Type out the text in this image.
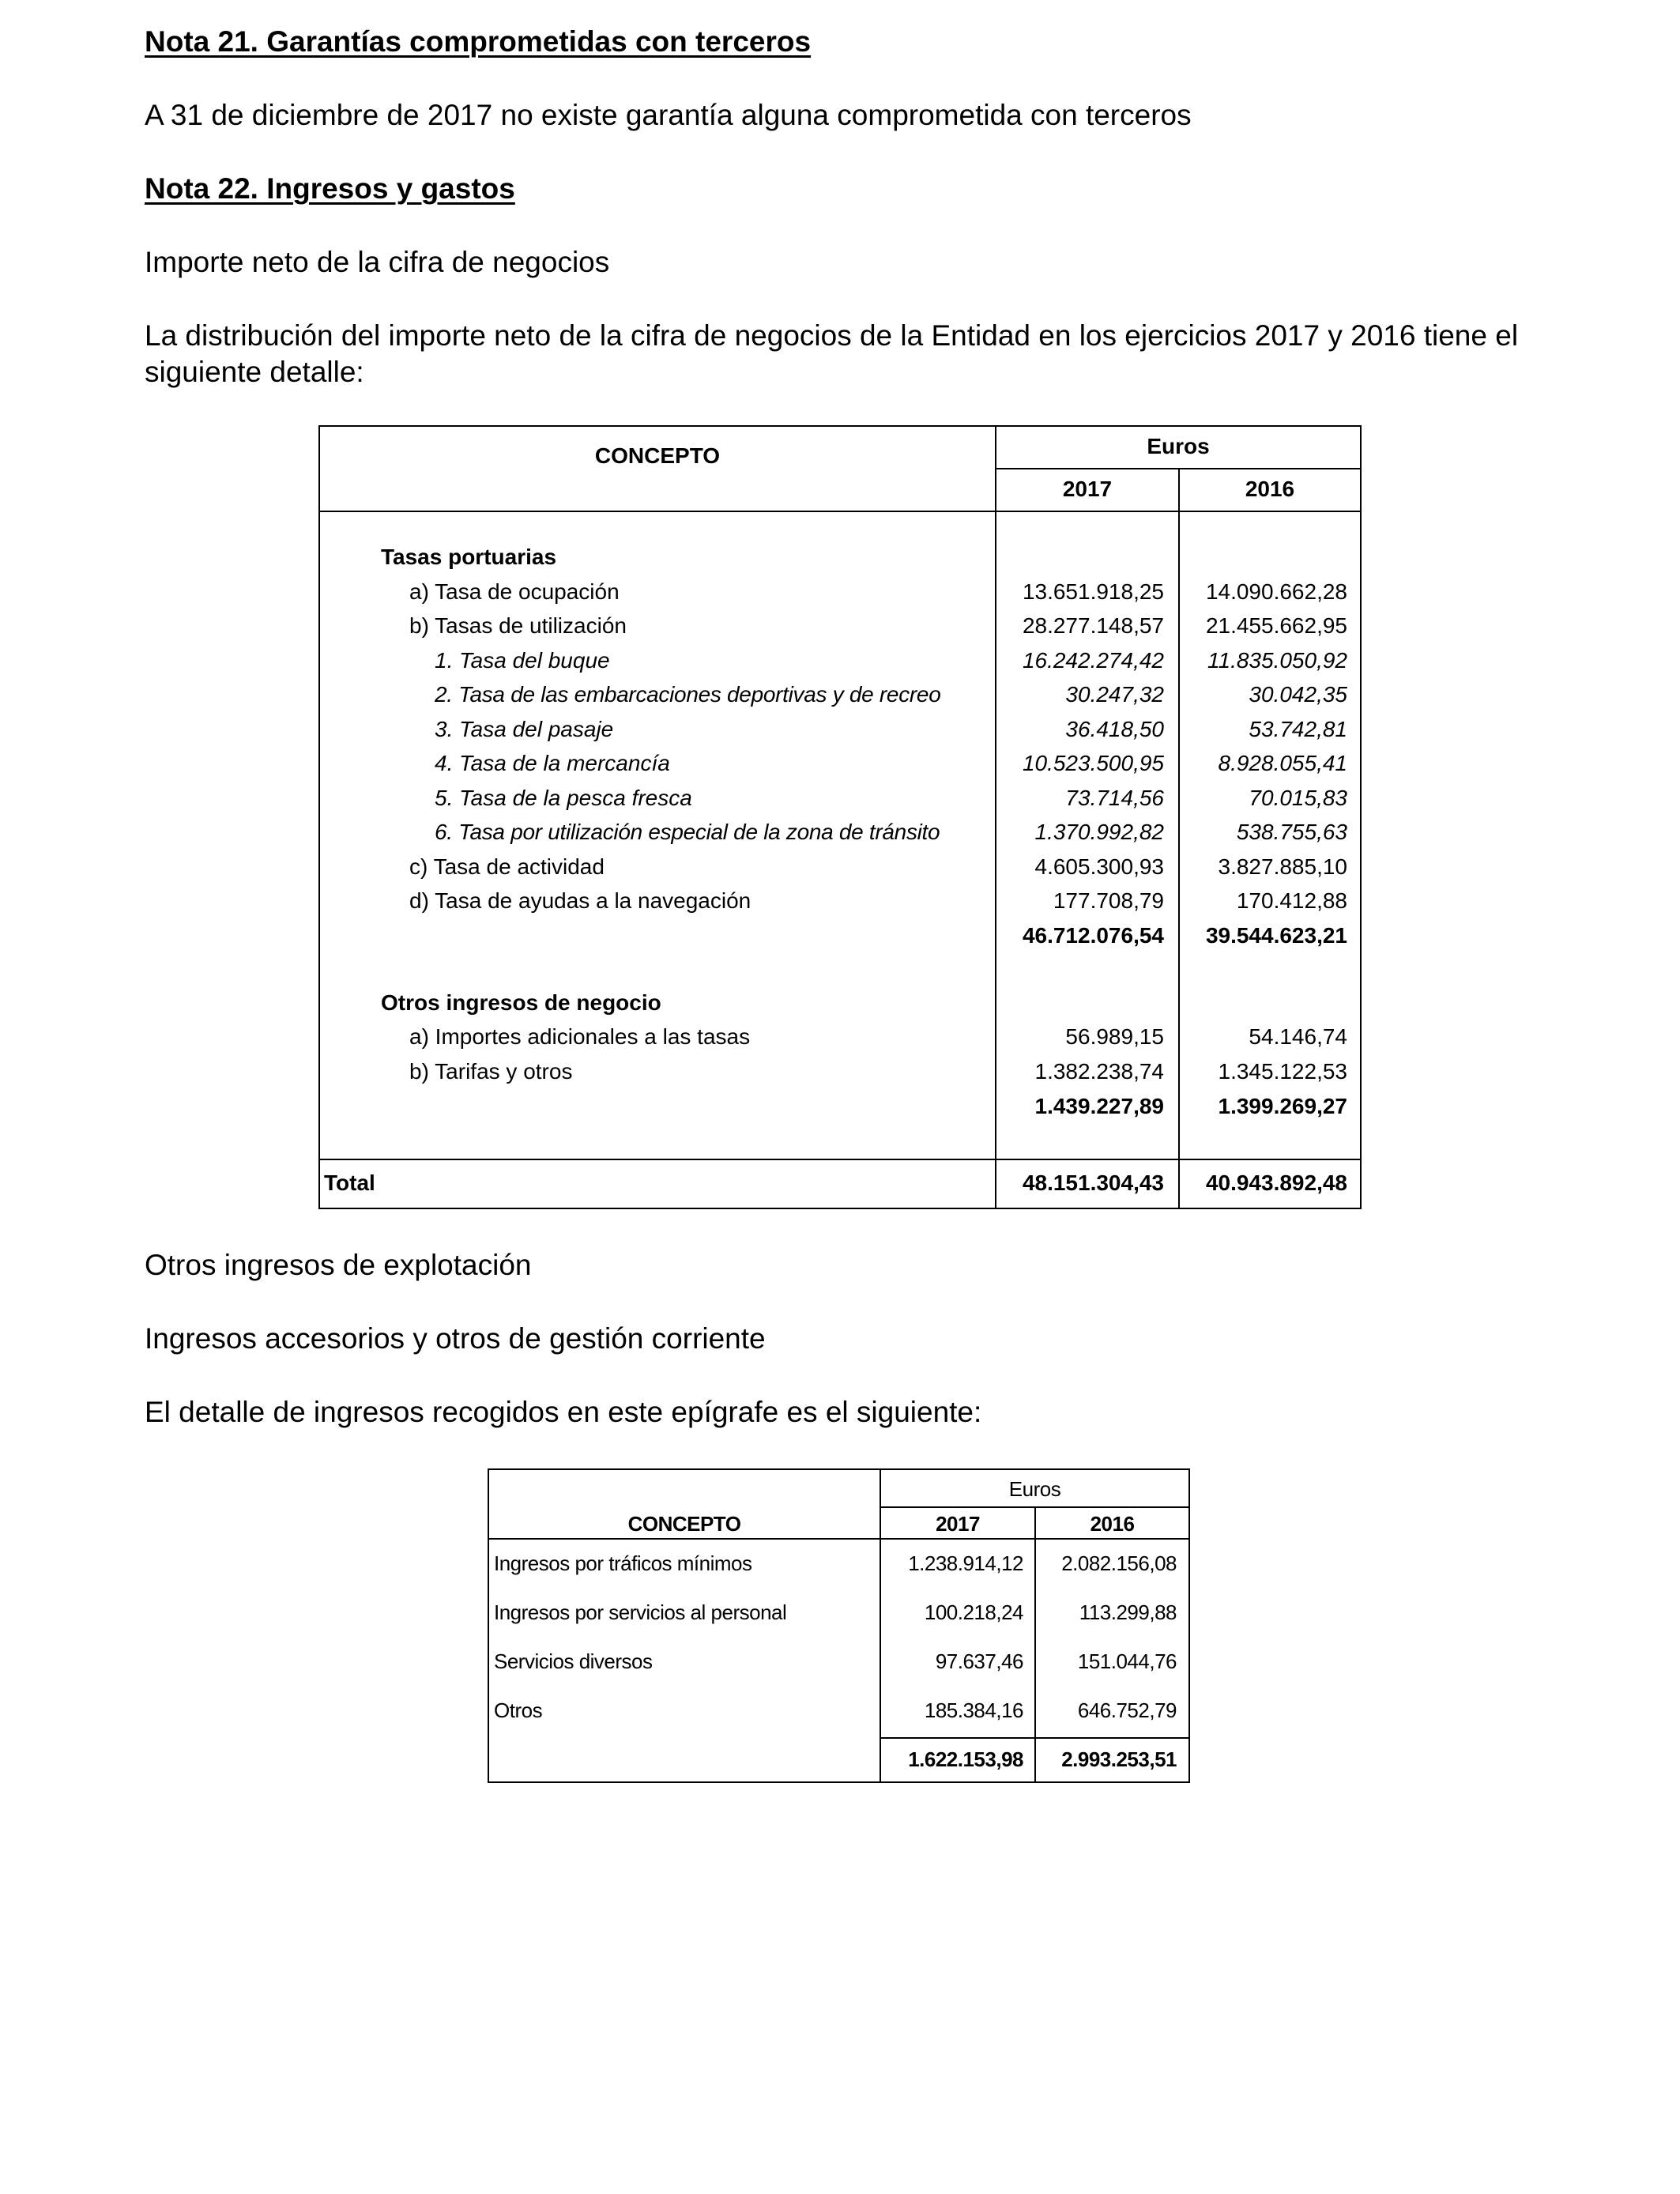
Nota 21. Garantías comprometidas con terceros
A 31 de diciembre de 2017 no existe garantía alguna comprometida con terceros
Nota 22. Ingresos y gastos
Importe neto de la cifra de negocios
La distribución del importe neto de la cifra de negocios de la Entidad en los ejercicios 2017 y 2016 tiene el siguiente detalle:
CONCEPTO	Euros
2017	2016
Tasas portuarias
a) Tasa de ocupación	13.651.918,25	14.090.662,28
b) Tasas de utilización	28.277.148,57	21.455.662,95
1. Tasa del buque	16.242.274,42	11.835.050,92
2. Tasa de las embarcaciones deportivas y de recreo	30.247,32	30.042,35
3. Tasa del pasaje	36.418,50	53.742,81
4. Tasa de la mercancía	10.523.500,95	8.928.055,41
5. Tasa de la pesca fresca	73.714,56	70.015,83
6. Tasa por utilización especial de la zona de tránsito	1.370.992,82	538.755,63
c) Tasa de actividad	4.605.300,93	3.827.885,10
d) Tasa de ayudas a la navegación	177.708,79	170.412,88
46.712.076,54	39.544.623,21
Otros ingresos de negocio
a) Importes adicionales a las tasas	56.989,15	54.146,74
b) Tarifas y otros	1.382.238,74	1.345.122,53
1.439.227,89	1.399.269,27
Total	48.151.304,43	40.943.892,48
Otros ingresos de explotación
Ingresos accesorios y otros de gestión corriente
El detalle de ingresos recogidos en este epígrafe es el siguiente:
Euros
CONCEPTO	2017	2016
Ingresos por tráficos mínimos	1.238.914,12	2.082.156,08
Ingresos por servicios al personal	100.218,24	113.299,88
Servicios diversos	97.637,46	151.044,76
Otros	185.384,16	646.752,79
1.622.153,98	2.993.253,51
